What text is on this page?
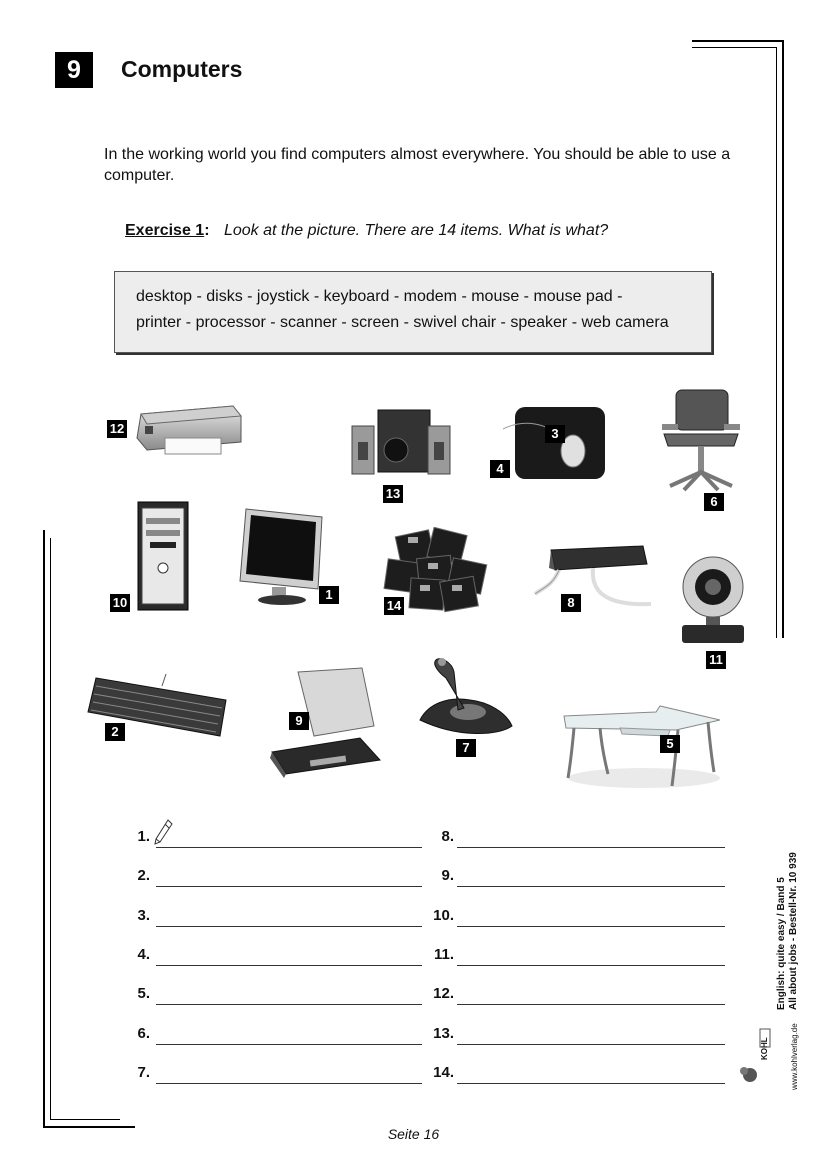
9	Computers
In the working world you find computers almost everywhere. You should be able to use a computer.
Exercise 1: Look at the picture. There are 14 items. What is what?
desktop - disks - joystick - keyboard - modem - mouse - mouse pad -
printer - processor - scanner - screen - swivel chair - speaker - web camera
12
13
3
4
6
10
1
14	8
11
2
9
7	5
1.
2.
3.
4.
5.
6.
7.
8.
9.
10.
11.
12.
13.
14.
English: quite easy / Band 5 All about jobs - Bestell-Nr. 10 939
KOHL	www.kohlverlag.de
Seite 16
